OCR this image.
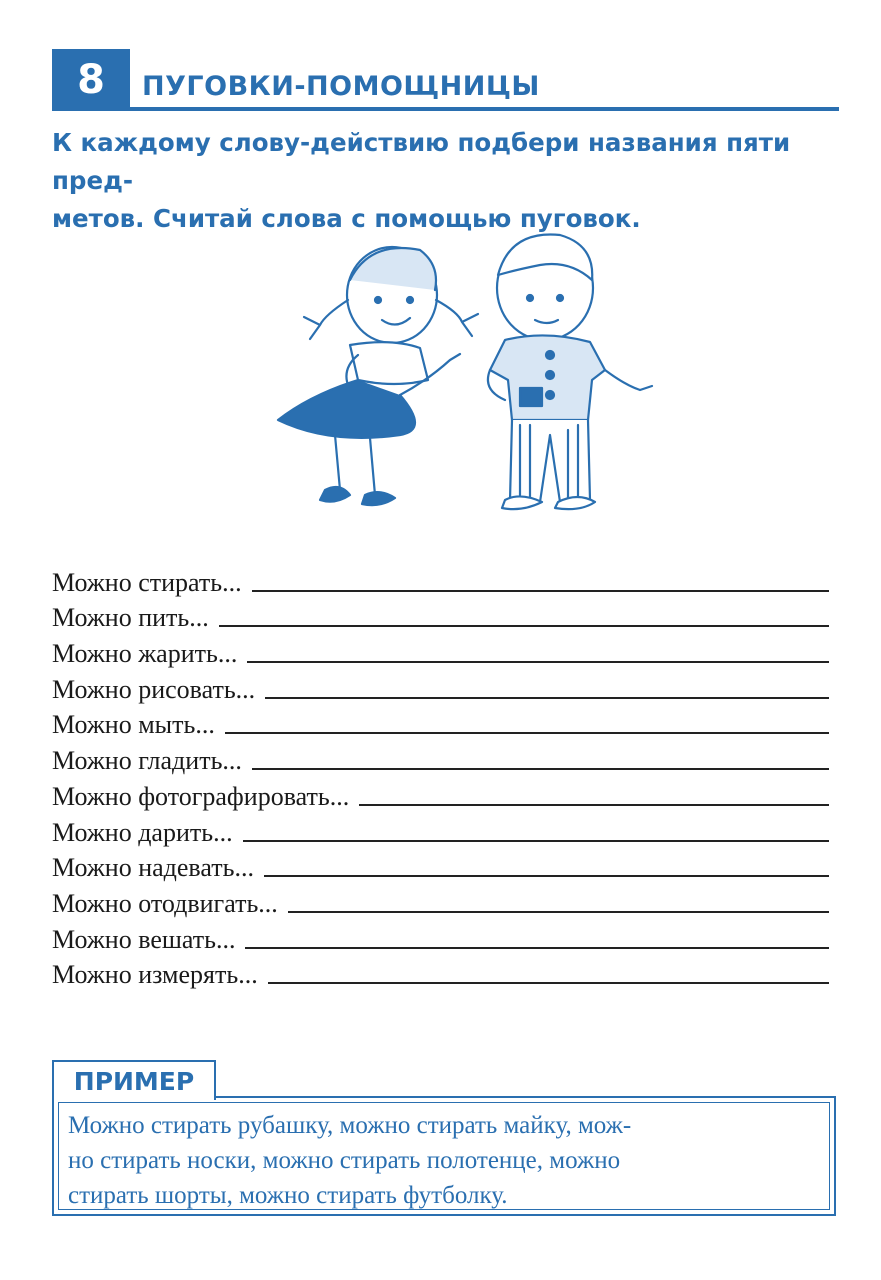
8	ПУГОВКИ-ПОМОЩНИЦЫ
К каждому слову-действию подбери названия пяти пред-
метов. Считай слова с помощью пуговок.
Можно стирать...
Можно пить...
Можно жарить...
Можно рисовать...
Можно мыть...
Можно гладить...
Можно фотографировать...
Можно дарить...
Можно надевать...
Можно отодвигать...
Можно вешать...
Можно измерять...
ПРИМЕР
Можно стирать рубашку, можно стирать майку, мож-
но стирать носки, можно стирать полотенце, можно
стирать шорты, можно стирать футболку.
